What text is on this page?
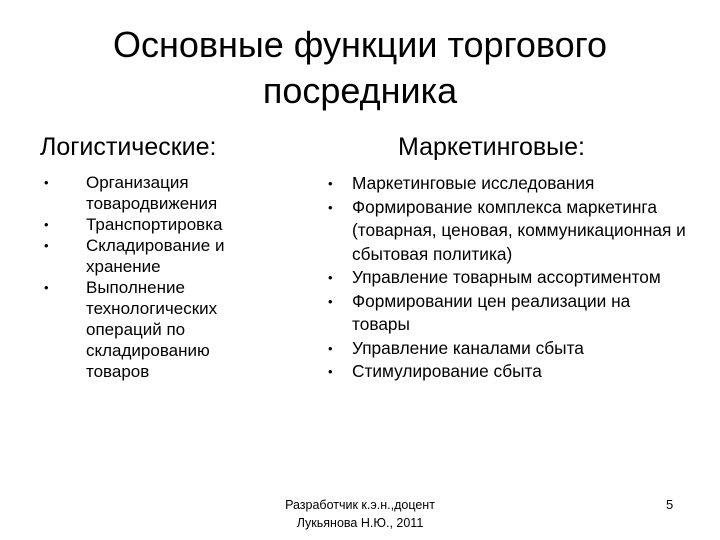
Основные функции торгового посредника
Логистические:	Маркетинговые:
• Организация товародвижения
• Транспортировка
• Складирование и хранение
• Выполнение технологических операций по складированию товаров
• Маркетинговые исследования
• Формирование комплекса маркетинга (товарная, ценовая, коммуникационная и сбытовая политика)
• Управление товарным ассортиментом
• Формировании цен реализации на товары
• Управление каналами сбыта
• Стимулирование сбыта
Разработчик к.э.н.,доцент
Лукьянова Н.Ю., 2011
5
